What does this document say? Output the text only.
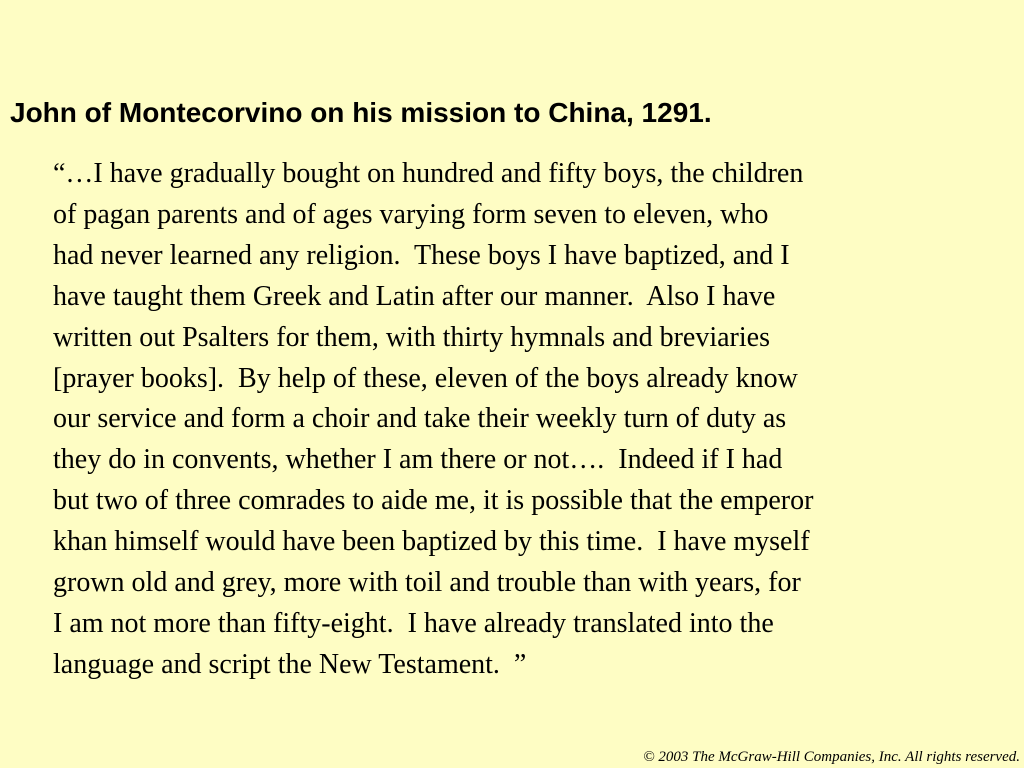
John of Montecorvino on his mission to China, 1291.
“…I have gradually bought on hundred and fifty boys, the children
of pagan parents and of ages varying form seven to eleven, who
had never learned any religion.  These boys I have baptized, and I
have taught them Greek and Latin after our manner.  Also I have
written out Psalters for them, with thirty hymnals and breviaries
[prayer books].  By help of these, eleven of the boys already know
our service and form a choir and take their weekly turn of duty as
they do in convents, whether I am there or not….  Indeed if I had
but two of three comrades to aide me, it is possible that the emperor
khan himself would have been baptized by this time.  I have myself
grown old and grey, more with toil and trouble than with years, for
I am not more than fifty-eight.  I have already translated into the
language and script the New Testament.  ”

© 2003 The McGraw-Hill Companies, Inc. All rights reserved.
